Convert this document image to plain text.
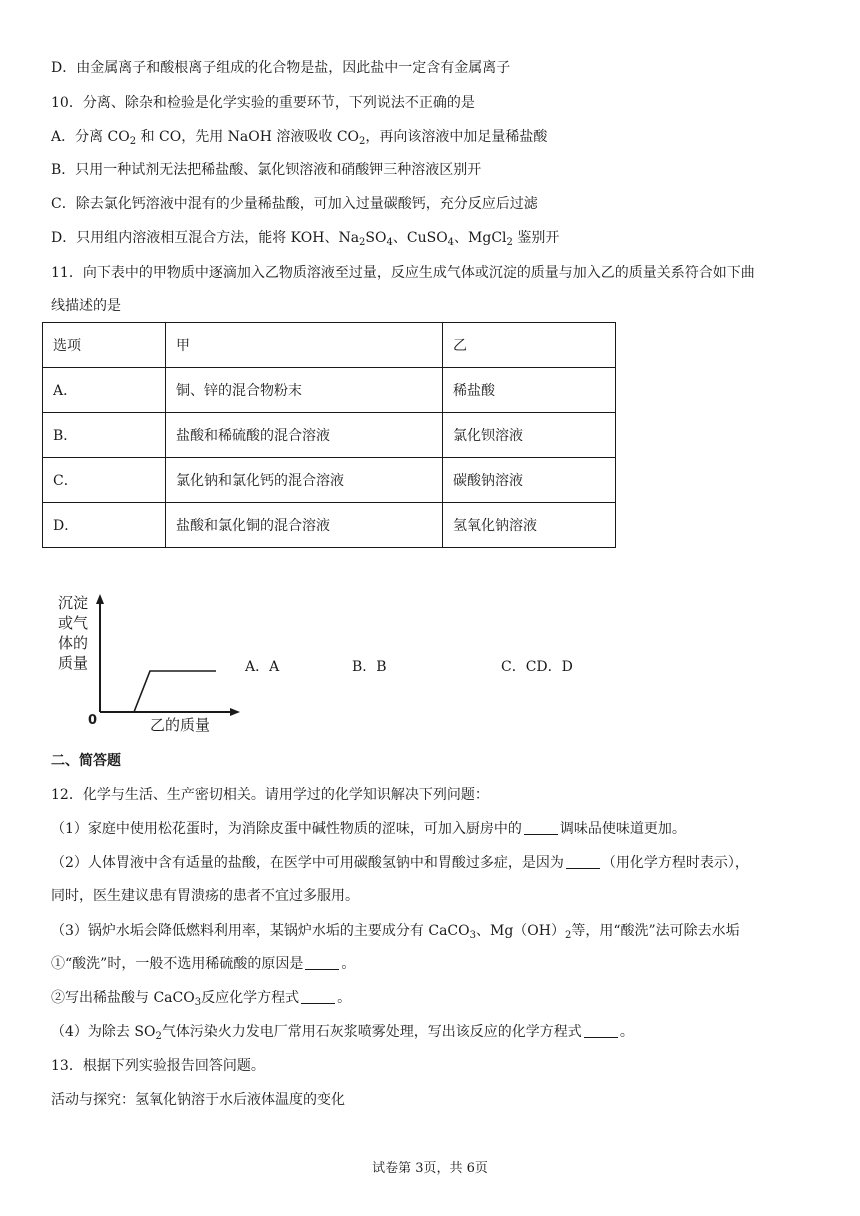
D．由金属离子和酸根离子组成的化合物是盐，因此盐中一定含有金属离子
10．分离、除杂和检验是化学实验的重要环节，下列说法不正确的是
A．分离 $CO_2$ 和 CO，先用 NaOH 溶液吸收 $CO_2$，再向该溶液中加足量稀盐酸
B．只用一种试剂无法把稀盐酸、氯化钡溶液和硝酸钾三种溶液区别开
C．除去氯化钙溶液中混有的少量稀盐酸，可加入过量碳酸钙，充分反应后过滤
D．只用组内溶液相互混合方法，能将 KOH、$Na_2SO_4$、CuSO$_4$、MgCl$_2$ 鉴别开
11．向下表中的甲物质中逐滴加入乙物质溶液至过量，反应生成气体或沉淀的质量与加入乙的质量关系符合如下曲
线描述的是
选项	甲	乙
A．	铜、锌的混合物粉末	稀盐酸
B．	盐酸和稀硫酸的混合溶液	氯化钡溶液
C．	氯化钠和氯化钙的混合溶液	碳酸钠溶液
D．	盐酸和氯化铜的混合溶液	氢氧化钠溶液
沉淀
或气
体的
质量
0	乙的质量
A．A	B．B	C．CD．D
二、简答题
12．化学与生活、生产密切相关。请用学过的化学知识解决下列问题：
（1）家庭中使用松花蛋时，为消除皮蛋中碱性物质的涩味，可加入厨房中的	调味品使味道更加。
（2）人体胃液中含有适量的盐酸，在医学中可用碳酸氢钠中和胃酸过多症，是因为	（用化学方程时表示），
同时，医生建议患有胃溃疡的患者不宜过多服用。
（3）锅炉水垢会降低燃料利用率，某锅炉水垢的主要成分有 CaCO$_3$、$Mg(OH)_2$等，用“酸洗”法可除去水垢
①“酸洗”时，一般不选用稀硫酸的原因是	。
②写出稀盐酸与 CaCO$_3$反应化学方程式	。
（4）为除去 $SO_2$气体污染火力发电厂常用石灰浆喷雾处理，写出该反应的化学方程式	。
13．根据下列实验报告回答问题。
活动与探究：氢氧化钠溶于水后液体温度的变化
试卷第 3页，共 6页
